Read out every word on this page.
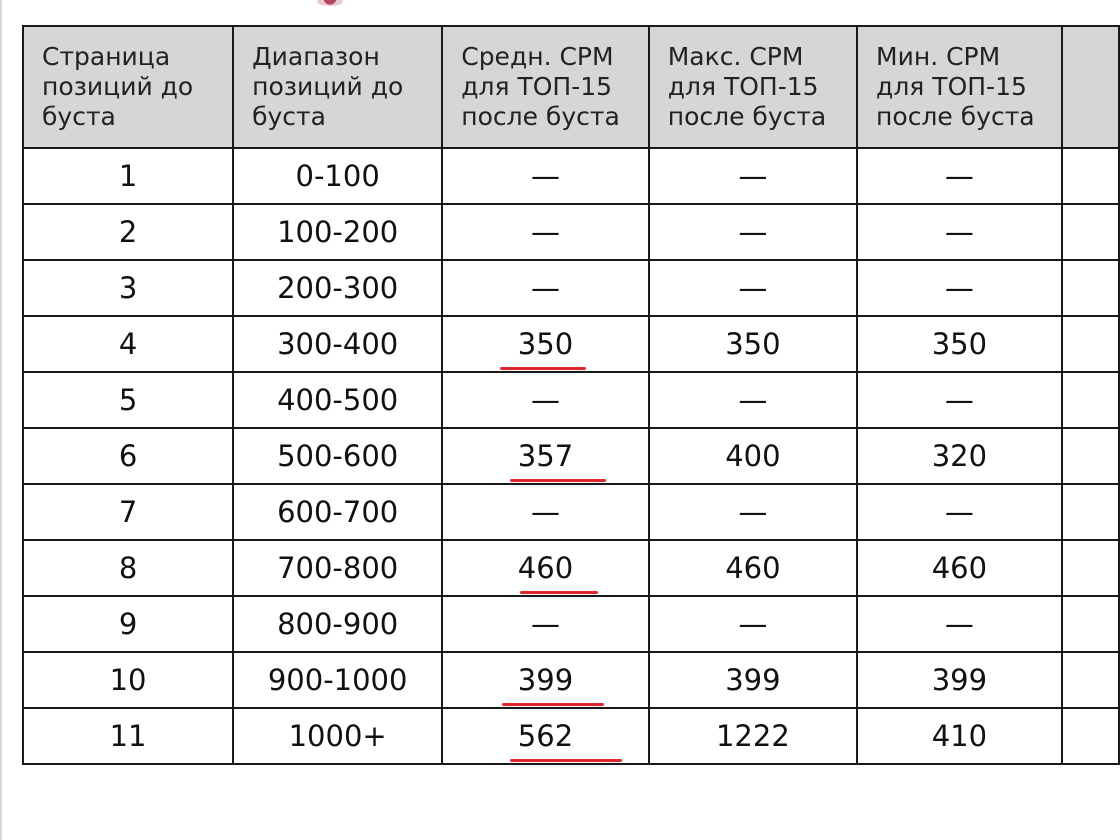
Страница позиций до буста	Диапазон позиций до буста	Средн. CPM для ТОП-15 после буста	Макс. CPM для ТОП-15 после буста	Мин. CPM для ТОП-15 после буста	
1	0-100	—	—	—	
2	100-200	—	—	—	
3	200-300	—	—	—	
4	300-400	350	350	350	
5	400-500	—	—	—	
6	500-600	357	400	320	
7	600-700	—	—	—	
8	700-800	460	460	460	
9	800-900	—	—	—	
10	900-1000	399	399	399	
11	1000+	562	1222	410	
